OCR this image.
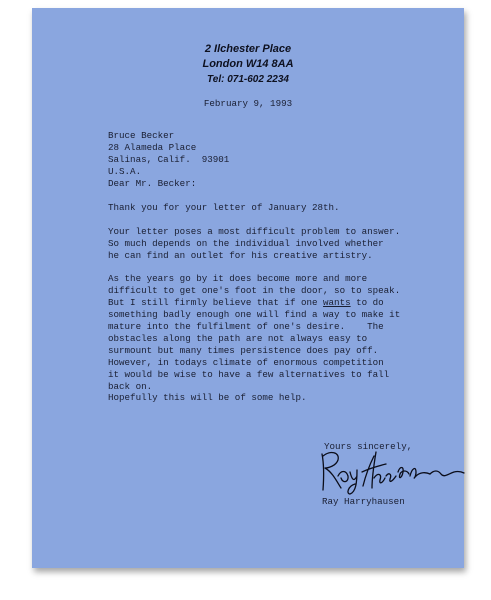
2 Ilchester Place
London W14 8AA
Tel: 071-602 2234
February 9, 1993
Bruce Becker
28 Alameda Place
Salinas, Calif.  93901
U.S.A.
Dear Mr. Becker:
Thank you for your letter of January 28th.
Your letter poses a most difficult problem to answer.
So much depends on the individual involved whether
he can find an outlet for his creative artistry.
As the years go by it does become more and more
difficult to get one's foot in the door, so to speak.
But I still firmly believe that if one wants to do
something badly enough one will find a way to make it
mature into the fulfilment of one's desire.    The
obstacles along the path are not always easy to
surmount but many times persistence does pay off.
However, in todays climate of enormous competition
it would be wise to have a few alternatives to fall
back on.
Hopefully this will be of some help.
Yours sincerely,
Ray Harryhausen
